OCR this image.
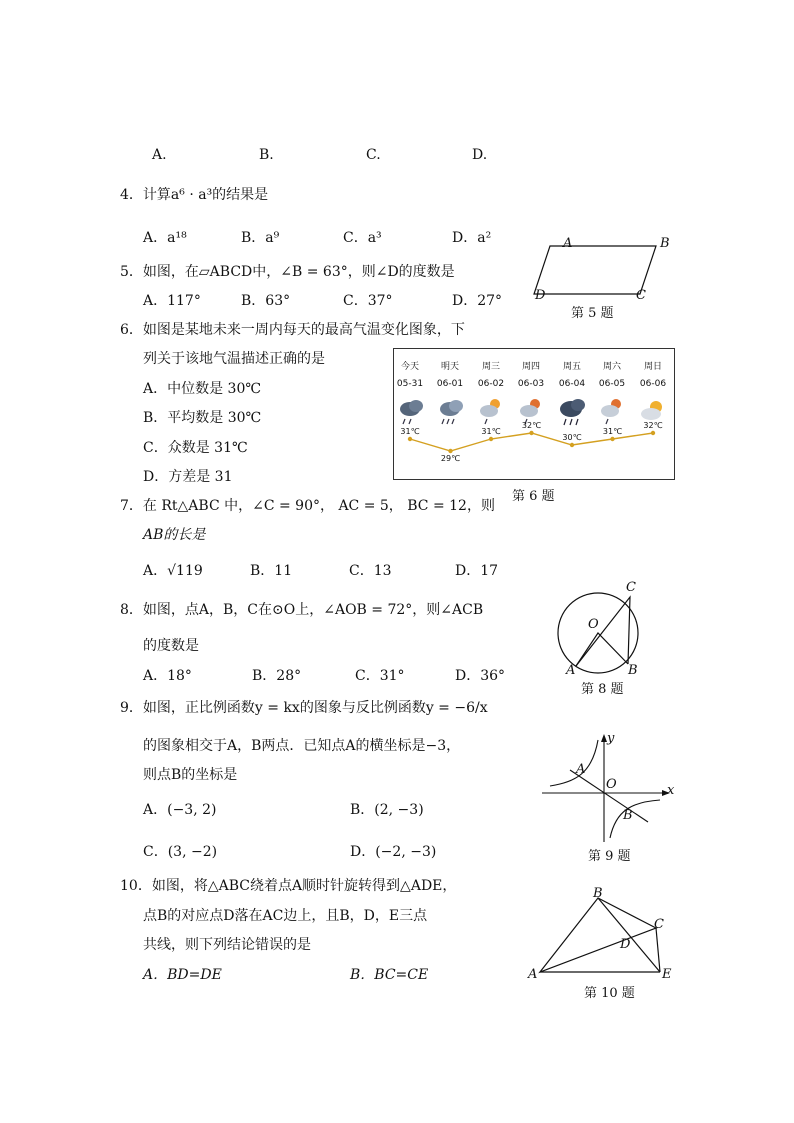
A.	B.	C.	D.
4．计算a⁶ · a³的结果是
A．a¹⁸	B．a⁹	C．a³	D．a²
5．如图，在▱ABCD中，∠B = 63°，则∠D的度数是
A．117°	B．63°	C．37°	D．27°
A	B
C
D
第 5 题
6．如图是某地未来一周内每天的最高气温变化图象，下
列关于该地气温描述正确的是
A．中位数是 30℃
B．平均数是 30℃
C．众数是 31℃
D．方差是 31
今天	明天	周三	周四	周五	周六	周日
05-31	06-01	06-02	06-03	06-04	06-05	06-06
31℃
29℃
31℃
32℃
30℃
31℃
32℃
第 6 题
7．在 Rt△ABC 中，∠C = 90°， AC = 5， BC = 12，则
AB的长是
A．√119	B．11	C．13	D．17
8．如图，点A，B，C在⊙O上，∠AOB = 72°，则∠ACB
的度数是
A．18°	B．28°	C．31°	D．36°
C
O
A	B
第 8 题
9．如图，正比例函数y = kx的图象与反比例函数y = −6/x
的图象相交于A，B两点．已知点A的横坐标是−3，
则点B的坐标是
A．(−3, 2)	B．(2, −3)
C．(3, −2)	D．(−2, −3)
y
x
O
A
B
第 9 题
10．如图，将△ABC绕着点A顺时针旋转得到△ADE，
点B的对应点D落在AC边上，且B，D，E三点
共线，则下列结论错误的是
A．BD=DE	B．BC=CE
B
C
D
A	E
第 10 题
